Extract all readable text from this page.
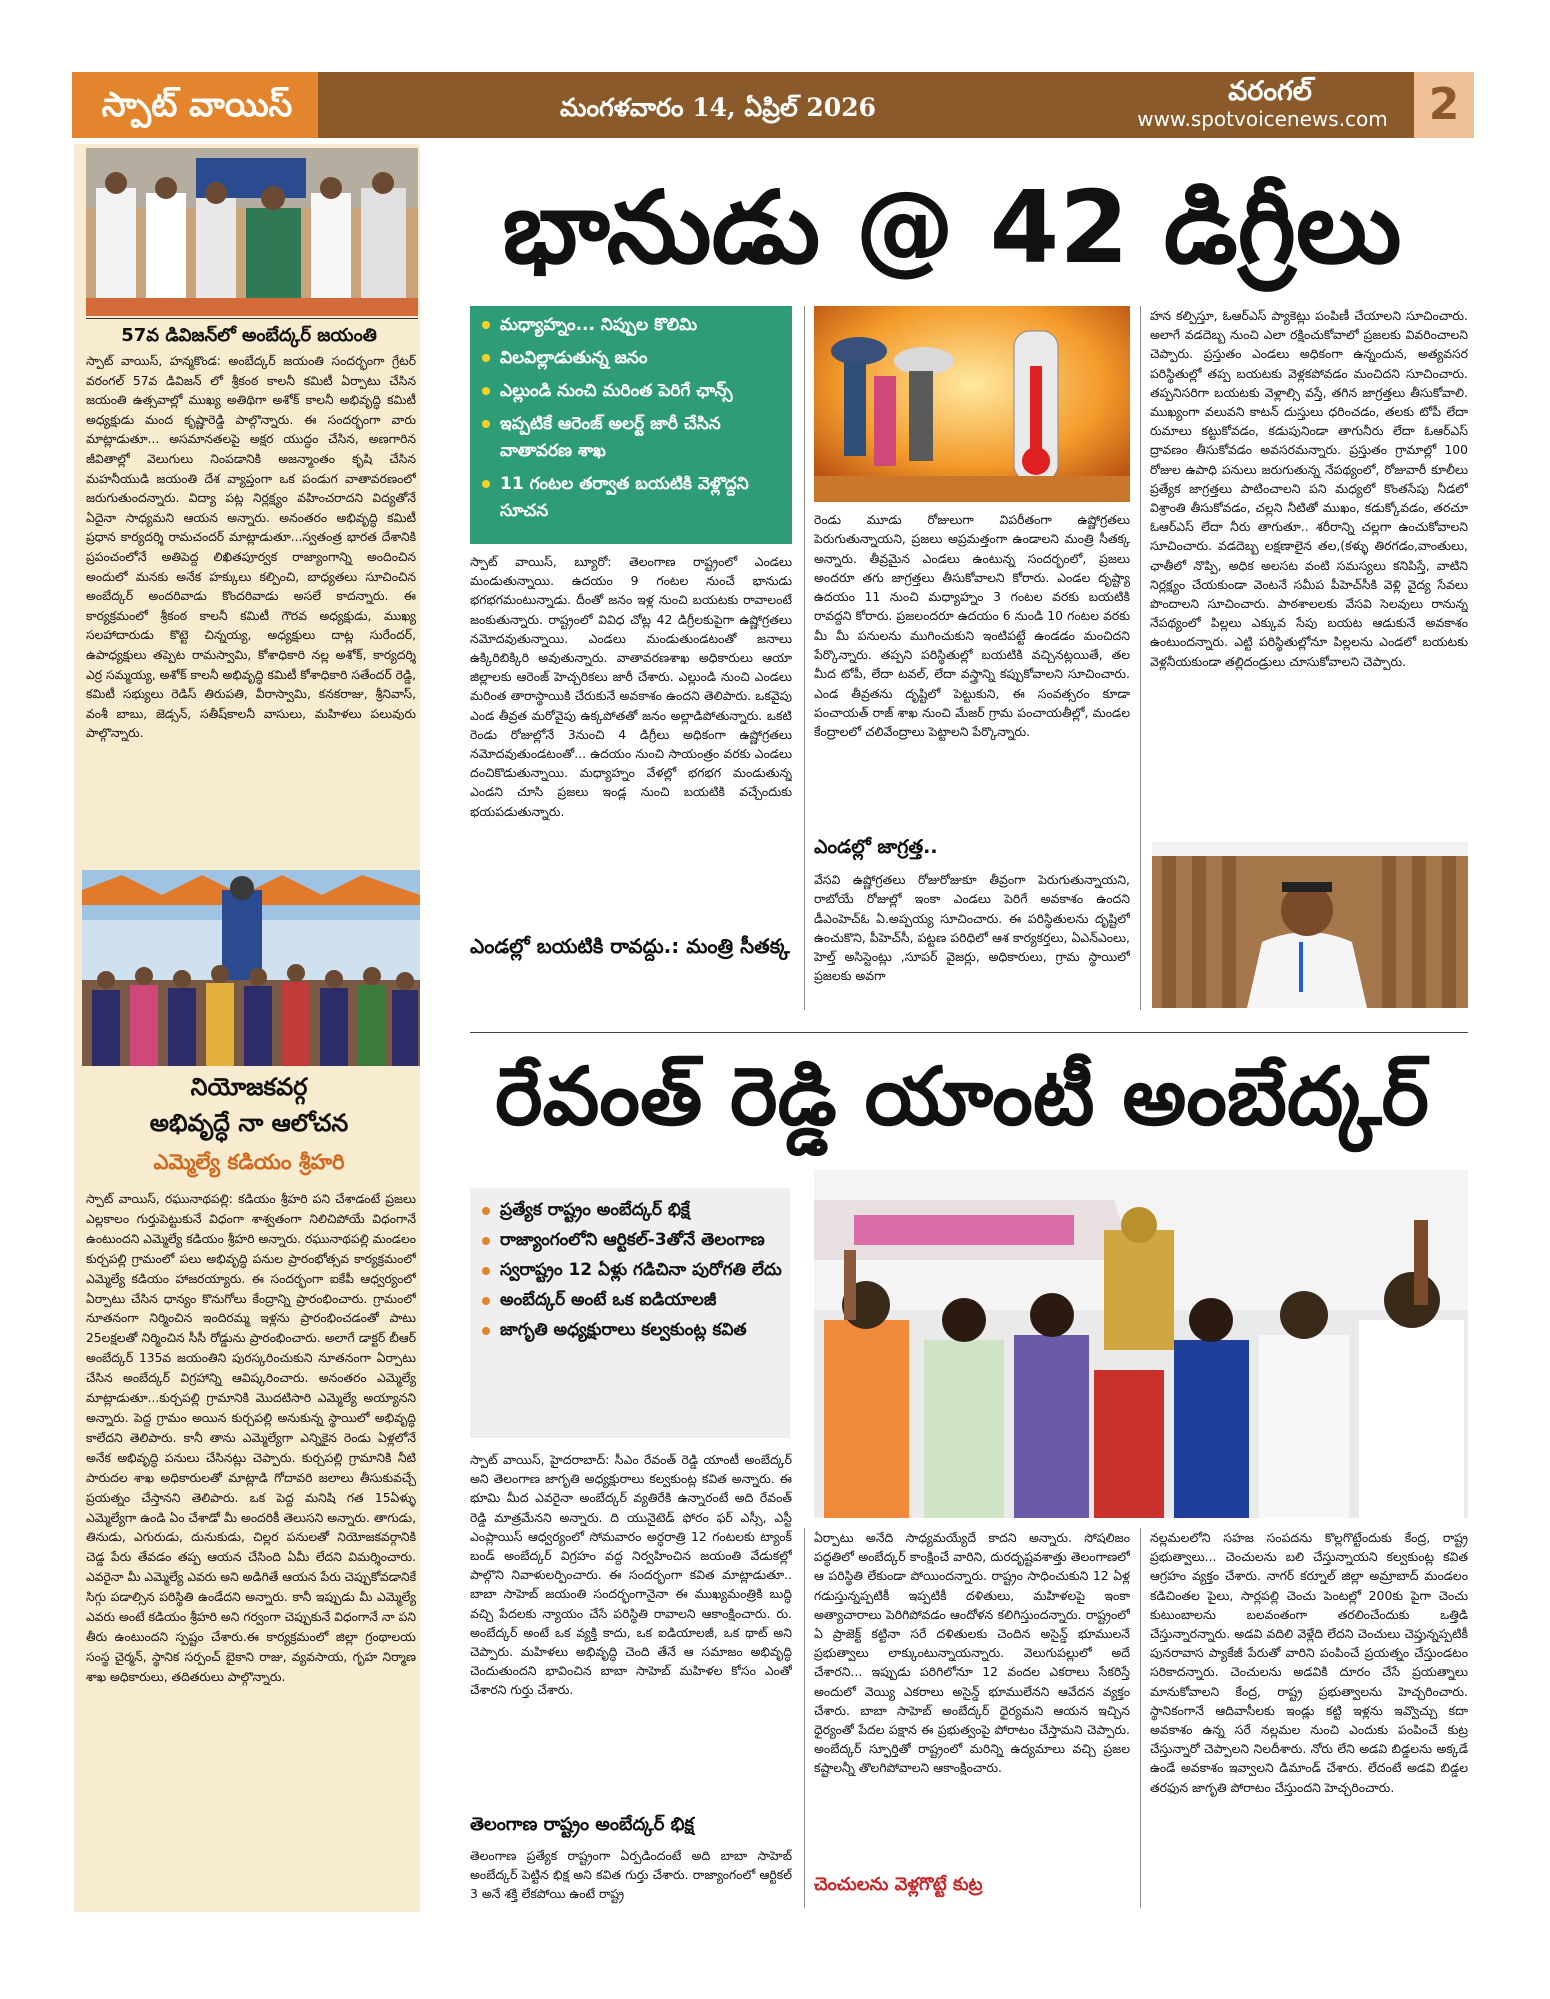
స్పాట్ వాయిస్	మంగళవారం 14, ఏప్రిల్ 2026
వరంగల్
www.spotvoicenews.com 2
57వ డివిజన్‌లో అంబేద్కర్ జయంతి
స్పాట్ వాయిస్, హన్మకొండ: అంబేద్కర్ జయంతి సందర్భంగా గ్రేటర్ వరంగల్ 57వ డివిజన్ లో శ్రీకంఠ కాలనీ కమిటీ ఏర్పాటు చేసిన జయంతి ఉత్సవాల్లో ముఖ్య అతిథిగా అశోక్ కాలనీ అభివృద్ధి కమిటీ అధ్యక్షుడు మంద కృష్ణారెడ్డి పాల్గొన్నారు. ఈ సందర్భంగా వారు మాట్లాడుతూ... అసమానతలపై అక్షర యుద్ధం చేసిన, అణగారిన జీవితాల్లో వెలుగులు నింపడానికి అజన్మాంతం కృషి చేసిన మహనీయుడి జయంతి దేశ వ్యాప్తంగా ఒక పండుగ వాతావరణంలో జరుగుతుందన్నారు. విద్యా పట్ల నిర్లక్ష్యం వహించరాదని విద్యతోనే ఏదైనా సాధ్యమని ఆయన అన్నారు. అనంతరం అభివృద్ధి కమిటీ ప్రధాన కార్యదర్శి రామచందర్ మాట్లాడుతూ...స్వతంత్ర భారత దేశానికి ప్రపంచంలోనే అతిపెద్ద లిఖితపూర్వక రాజ్యాంగాన్ని అందించిన అందులో మనకు అనేక హక్కులు కల్పించి, బాధ్యతలు సూచించిన అంబేద్కర్ అందరివాడు కొందరివాడు అసలే కాదన్నారు. ఈ కార్యక్రమంలో శ్రీకంఠ కాలనీ కమిటీ గౌరవ అధ్యక్షుడు, ముఖ్య సలహాదారుడు కొట్టె చిన్నయ్య, అధ్యక్షులు దాట్ల సురేందర్, ఉపాధ్యక్షులు తప్పెట రామస్వామి, కోశాధికారి నల్ల అశోక్, కార్యదర్శి ఎర్ర సమ్మయ్య, అశోక్ కాలనీ అభివృద్ధి కమిటీ కోశాధికారి సతేందర్ రెడ్డి, కమిటీ సభ్యులు రెడిస్ తిరుపతి, వీరాస్వామి, కనకరాజు, శ్రీనివాస్, వంశీ బాబు, జెడ్సన్, సతీష్‌కాలనీ వాసులు, మహిళలు పలువురు పాల్గొన్నారు.
నియోజకవర్గ
అభివృద్ధే నా ఆలోచన
ఎమ్మెల్యే కడియం శ్రీహరి
స్పాట్ వాయిస్, రఘునాథపల్లి: కడియం శ్రీహరి పని చేశాడంటే ప్రజలు ఎల్లకాలం గుర్తుపెట్టుకునే విధంగా శాశ్వతంగా నిలిచిపోయే విధంగానే ఉంటుందని ఎమ్మెల్యే కడియం శ్రీహరి అన్నారు. రఘునాథపల్లి మండలం కుర్చపల్లి గ్రామంలో పలు అభివృద్ధి పనుల ప్రారంభోత్సవ కార్యక్రమంలో ఎమ్మెల్యే కడియం హాజరయ్యారు. ఈ సందర్భంగా ఐకేపీ ఆధ్వర్యంలో ఏర్పాటు చేసిన ధాన్యం కొనుగోలు కేంద్రాన్ని ప్రారంభించారు. గ్రామంలో నూతనంగా నిర్మించిన ఇందిరమ్మ ఇళ్లను ప్రారంభించడంతో పాటు 25లక్షలతో నిర్మించిన సీసీ రోడ్డును ప్రారంభించారు. అలాగే డాక్టర్ బీఆర్ అంబేద్కర్ 135వ జయంతిని పురస్కరించుకుని నూతనంగా ఏర్పాటు చేసిన అంబేద్కర్ విగ్రహాన్ని ఆవిష్కరించారు. అనంతరం ఎమ్మెల్యే మాట్లాడుతూ...కుర్చపల్లి గ్రామానికి మొదటిసారి ఎమ్మెల్యే అయ్యానని అన్నారు. పెద్ద గ్రామం అయిన కుర్చపల్లి అనుకున్న స్థాయిలో అభివృద్ధి కాలేదని తెలిపారు. కానీ తాను ఎమ్మెల్యేగా ఎన్నికైన రెండు ఏళ్లలోనే అనేక అభివృద్ధి పనులు చేసినట్లు చెప్పారు. కుర్చపల్లి గ్రామానికి నీటి పారుదల శాఖ అధికారులతో మాట్లాడి గోదావరి జలాలు తీసుకువచ్చే ప్రయత్నం చేస్తానని తెలిపారు. ఒక పెద్ద మనిషి గత 15ఏళ్ళు ఎమ్మెల్యేగా ఉండి ఏం చేశాడో మీ అందరికీ తెలుసని అన్నారు. తాగుడు, తినుడు, ఎగురుడు, దునుకుడు, చిల్లర పనులతో నియోజకవర్గానికి చెడ్డ పేరు తేవడం తప్ప ఆయన చేసింది ఏమీ లేదని విమర్శించారు. ఎవరైనా మీ ఎమ్మెల్యే ఎవరు అని అడిగితే ఆయన పేరు చెప్పుకోవడానికే సిగ్గు పడాల్సిన పరిస్థితి ఉండేదని అన్నారు. కానీ ఇప్పుడు మీ ఎమ్మెల్యే ఎవరు అంటే కడియం శ్రీహరి అని గర్వంగా చెప్పుకునే విధంగానే నా పని తీరు ఉంటుందని స్పష్టం చేశారు.ఈ కార్యక్రమంలో జిల్లా గ్రంథాలయ సంస్థ చైర్మన్, స్థానిక సర్పంచ్ బైకాని రాజు, వ్యవసాయ, గృహ నిర్మాణ శాఖ అధికారులు, తదితరులు పాల్గొన్నారు.
భానుడు @ 42 డిగ్రీలు
మధ్యాహ్నం... నిప్పుల కొలిమి
విలవిల్లాడుతున్న జనం
ఎల్లుండి నుంచి మరింత పెరిగే ఛాన్స్
ఇప్పటికే ఆరెంజ్ అలర్ట్ జారీ చేసిన వాతావరణ శాఖ
11 గంటల తర్వాత బయటికి వెళ్లొద్దని సూచన
స్పాట్ వాయిస్, బ్యూరో: తెలంగాణ రాష్ట్రంలో ఎండలు మండుతున్నాయి. ఉదయం 9 గంటల నుంచే భానుడు భగభగమంటున్నాడు. దీంతో జనం ఇళ్ల నుంచి బయటకు రావాలంటే జంకుతున్నారు. రాష్ట్రంలో వివిధ చోట్ల 42 డిగ్రీలకుపైగా ఉష్ణోగ్రతలు నమోదవుతున్నాయి. ఎండలు మండుతుండటంతో జనాలు ఉక్కిరిబిక్కిరి అవుతున్నారు. వాతావరణశాఖ అధికారులు ఆయా జిల్లాలకు ఆరెంజ్ హెచ్చరికలు జారీ చేశారు. ఎల్లుండి నుంచి ఎండలు మరింత తారాస్థాయికి చేరుకునే అవకాశం ఉందని తెలిపారు. ఒకవైపు ఎండ తీవ్రత మరోవైపు ఉక్కపోతతో జనం అల్లాడిపోతున్నారు. ఒకటి రెండు రోజుల్లోనే 3నుంచి 4 డిగ్రీలు అధికంగా ఉష్ణోగ్రతలు నమోదవుతుండటంతో... ఉదయం నుంచి సాయంత్రం వరకు ఎండలు దంచికొడుతున్నాయి. మధ్యాహ్నం వేళల్లో భగభగ మండుతున్న ఎండని చూసి ప్రజలు ఇండ్ల నుంచి బయటికి వచ్చేందుకు భయపడుతున్నారు.
ఎండల్లో బయటికి రావద్దు.: మంత్రి సీతక్క
రెండు మూడు రోజులుగా విపరీతంగా ఉష్ణోగ్రతలు పెరుగుతున్నాయని, ప్రజలు అప్రమత్తంగా ఉండాలని మంత్రి సీతక్క అన్నారు. తీవ్రమైన ఎండలు ఉంటున్న సందర్భంలో, ప్రజలు అందరూ తగు జాగ్రత్తలు తీసుకోవాలని కోరారు. ఎండల దృష్ట్యా ఉదయం 11 నుంచి మధ్యాహ్నం 3 గంటల వరకు బయటికి రావద్దని కోరారు. ప్రజలందరూ ఉదయం 6 నుండి 10 గంటల వరకు మీ మీ పనులను ముగించుకుని ఇంటిపట్టే ఉండడం మంచిదని పేర్కొన్నారు. తప్పని పరిస్థితుల్లో బయటికి వచ్చినట్లయితే, తల మీద టోపీ, లేదా టవల్, లేదా వస్త్రాన్ని కప్పుకోవాలని సూచించారు. ఎండ తీవ్రతను దృష్టిలో పెట్టుకుని, ఈ సంవత్సరం కూడా పంచాయత్ రాజ్ శాఖ నుంచి మేజర్ గ్రామ పంచాయతీల్లో, మండల కేంద్రాలలో చలివేంద్రాలు పెట్టాలని పేర్కొన్నారు.
ఎండల్లో జాగ్రత్త..
వేసవి ఉష్ణోగ్రతలు రోజురోజుకూ తీవ్రంగా పెరుగుతున్నాయని, రాబోయే రోజుల్లో ఇంకా ఎండలు పెరిగే అవకాశం ఉందని డీఎంహెచ్ఓ ఏ.అప్పయ్య సూచించారు. ఈ పరిస్థితులను దృష్టిలో ఉంచుకొని, పీహెచ్‌సీ, పట్టణ పరిధిలో ఆశ కార్యకర్తలు, ఏఎన్ఎంలు, హెల్త్ అసిస్టెంట్లు ,సూపర్ వైజర్లు, అధికారులు, గ్రామ స్థాయిలో ప్రజలకు అవగా
హన కల్పిస్తూ, ఓఆర్ఎస్ ప్యాకెట్లు పంపిణీ చేయాలని సూచించారు. అలాగే వడదెబ్బ నుంచి ఎలా రక్షించుకోవాలో ప్రజలకు వివరించాలని చెప్పారు. ప్రస్తుతం ఎండలు అధికంగా ఉన్నందున, అత్యవసర పరిస్థితుల్లో తప్ప బయటకు వెళ్లకపోవడం మంచిదని సూచించారు. తప్పనిసరిగా బయటకు వెళ్లాల్సి వస్తే, తగిన జాగ్రత్తలు తీసుకోవాలి. ముఖ్యంగా వలువని కాటన్ దుస్తులు ధరించడం, తలకు టోపీ లేదా రుమాలు కట్టుకోవడం, కడుపునిండా తాగునీరు లేదా ఓఆర్ఎస్ ద్రావణం తీసుకోవడం అవసరమన్నారు. ప్రస్తుతం గ్రామాల్లో 100 రోజుల ఉపాధి పనులు జరుగుతున్న నేపథ్యంలో, రోజువారీ కూలీలు ప్రత్యేక జాగ్రత్తలు పాటించాలని పని మధ్యలో కొంతసేపు నీడలో విశ్రాంతి తీసుకోవడం, చల్లని నీటితో ముఖం, కడుక్కోవడం, తరచూ ఓఆర్ఎస్ లేదా నీరు తాగుతూ.. శరీరాన్ని చల్లగా ఉంచుకోవాలని సూచించారు. వడదెబ్బ లక్షణాలైన తల,(కళ్ళు తిరగడం,వాంతులు, ఛాతీలో నొప్పి, అధిక అలసట వంటి సమస్యలు కనిపిస్తే, వాటిని నిర్లక్ష్యం చేయకుండా వెంటనే సమీప పీహెచ్‌సీకి వెళ్లి వైద్య సేవలు పొందాలని సూచించారు. పాఠశాలలకు వేసవి సెలవులు రానున్న నేపథ్యంలో పిల్లలు ఎక్కువ సేపు బయట ఆడుకునే అవకాశం ఉంటుందన్నారు. ఎట్టి పరిస్థితుల్లోనూ పిల్లలను ఎండలో బయటకు వెళ్లనీయకుండా తల్లిదండ్రులు చూసుకోవాలని చెప్పారు.
రేవంత్ రెడ్డి యాంటీ అంబేద్కర్
ప్రత్యేక రాష్ట్రం అంబేద్కర్ భిక్షే
రాజ్యాంగంలోని ఆర్టికల్-3తోనే తెలంగాణ
స్వరాష్ట్రం 12 ఏళ్లు గడిచినా పురోగతి లేదు
అంబేద్కర్ అంటే ఒక ఐడియాలజీ
జాగృతి అధ్యక్షురాలు కల్వకుంట్ల కవిత
స్పాట్ వాయిస్, హైదరాబాద్: సీఎం రేవంత్ రెడ్డి యాంటీ అంబేద్కర్ అని తెలంగాణ జాగృతి అధ్యక్షురాలు కల్వకుంట్ల కవిత అన్నారు. ఈ భూమి మీద ఎవరైనా అంబేద్కర్ వ్యతిరేకి ఉన్నారంటే అది రేవంత్ రెడ్డి మాత్రమేనని అన్నారు. ది యునైటెడ్ ఫోరం ఫర్ ఎస్సీ, ఎస్టీ ఎంప్లాయిస్ ఆధ్వర్యంలో సోమవారం అర్ధరాత్రి 12 గంటలకు ట్యాంక్ బండ్ అంబేద్కర్ విగ్రహం వద్ద నిర్వహించిన జయంతి వేడుకల్లో పాల్గొని నివాళులర్పించారు. ఈ సందర్భంగా కవిత మాట్లాడుతూ.. బాబా సాహెబ్ జయంతి సందర్భంగానైనా ఈ ముఖ్యమంత్రికి బుద్ధి వచ్చి పేదలకు న్యాయం చేసే పరిస్థితి రావాలని ఆకాంక్షించారు. రు. అంబేద్కర్ అంటే ఒక వ్యక్తి కాదు, ఒక ఐడియాలజీ, ఒక థాట్ అని చెప్పారు. మహిళలు అభివృద్ధి చెంది తేనే ఆ సమాజం అభివృద్ధి చెందుతుందని భావించిన బాబా సాహెబ్ మహిళల కోసం ఎంతో చేశారని గుర్తు చేశారు.
తెలంగాణ రాష్ట్రం అంబేద్కర్ భిక్ష
తెలంగాణ ప్రత్యేక రాష్ట్రంగా ఏర్పడిందంటే అది బాబా సాహెబ్ అంబేద్కర్ పెట్టిన భిక్ష అని కవిత గుర్తు చేశారు. రాజ్యాంగంలో ఆర్టికల్ 3 అనే శక్తి లేకపోయి ఉంటే రాష్ట్ర
ఏర్పాటు అనేది సాధ్యమయ్యేదే కాదని అన్నారు. సోషలిజం పద్ధతిలో అంబేద్కర్ కాంక్షించే వారిని, దురదృష్టవశాత్తు తెలంగాణలో ఆ పరిస్థితి లేకుండా పోయిందన్నారు. రాష్ట్రం సాధించుకుని 12 ఏళ్ల గడుస్తున్నప్పటికీ ఇప్పటికీ దళితులు, మహిళలపై ఇంకా అత్యాచారాలు పెరిగిపోవడం ఆందోళన కలిగిస్తుందన్నారు. రాష్ట్రంలో ఏ ప్రాజెక్ట్ కట్టినా సరే దళితులకు చెందిన అసైన్డ్ భూములనే ప్రభుత్వాలు లాక్కుంటున్నాయన్నారు. వెలుగుపల్లులో అదే చేశారని... ఇప్పుడు పరిగిలోనూ 12 వందల ఎకరాలు సేకరిస్తే అందులో వెయ్యి ఎకరాలు అసైన్డ్ భూములేనని ఆవేదన వ్యక్తం చేశారు. బాబా సాహెబ్ అంబేద్కర్ ధైర్యమని ఆయన ఇచ్చిన ధైర్యంతో పేదల పక్షాన ఈ ప్రభుత్వంపై పోరాటం చేస్తామని చెప్పారు. అంబేద్కర్ స్ఫూర్తితో రాష్ట్రంలో మరిన్ని ఉద్యమాలు వచ్చి ప్రజల కష్టాలన్నీ తొలగిపోవాలని ఆకాంక్షించారు.
చెంచులను వెళ్లగొట్టే కుట్ర
నల్లమలలోని సహజ సంపదను కొల్లగొట్టేందుకు కేంద్ర, రాష్ట్ర ప్రభుత్వాలు... చెంచులను బలి చేస్తున్నాయని కల్వకుంట్ల కవిత ఆగ్రహం వ్యక్తం చేశారు. నాగర్ కర్నూల్ జిల్లా అమ్రాబాద్ మండలం కడిచింతల పైలు, సార్లపల్లి చెంచు పెంటల్లో 200కు పైగా చెంచు కుటుంబాలను బలవంతంగా తరలించేందుకు ఒత్తిడి చేస్తున్నారన్నారు. అడవి వదిలి వెళ్లేది లేదని చెంచులు చెప్తున్నప్పటికీ పునరావాస ప్యాకేజీ పేరుతో వారిని పంపించే ప్రయత్నం చేస్తుండటం సరికాదన్నారు. చెంచులను అడవికి దూరం చేసే ప్రయత్నాలు మానుకోవాలని కేంద్ర, రాష్ట్ర ప్రభుత్వాలను హెచ్చరించారు. స్థానికంగానే ఆదివాసీలకు ఇండ్లు కట్టి ఇళ్లను ఇవ్వొచ్చు కదా అవకాశం ఉన్న సరే నల్లమల నుంచి ఎందుకు పంపించే కుట్ర చేస్తున్నారో చెప్పాలని నిలదీశారు. నోరు లేని అడవి బిడ్డలను అక్కడే ఉండే అవకాశం ఇవ్వాలని డిమాండ్ చేశారు. లేదంటే అడవి బిడ్డల తరఫున జాగృతి పోరాటం చేస్తుందని హెచ్చరించారు.
